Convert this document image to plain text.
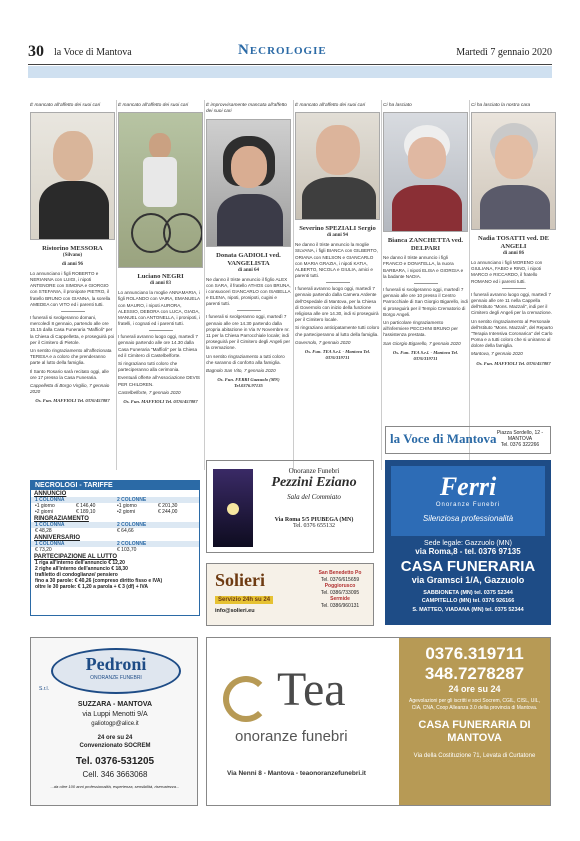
30 la Voce di Mantova	Necrologie	Martedì 7 gennaio 2020
È mancato all'affetto dei suoi cari
Ristorino MESSORA
(Silvano)
di anni 96

Lo annunciano i figli ROBERTO e NERIANNA con LUIGI, i nipoti ANTENORE con SIMONA e GIORGIO con STEFANIA, il pronipote PIETRO, il fratello BRUNO con GIANNA, la sorella AMEDEA con VITO ed i parenti tutti.

I funerali si svolgeranno domani, mercoledì 8 gennaio, partendo alle ore 15.15 dalla Casa Funeraria "Maffioli" per la Chiesa di Cappelletta, e proseguirà poi per il Cimitero di Pietole.

Un sentito ringraziamento all'affezionata TERESA e a coloro che prenderanno parte al lutto della famiglia.

Il Santo Rosario sarà recitato oggi, alle ore 17 presso la Casa Funeraria.

Cappelletta di Borgo Virgilio, 7 gennaio 2020

Os. Fun. MAFFIOLI Tel. 0376/457887
È mancato all'affetto dei suoi cari
Luciano NEGRI
di anni 83

Lo annunciano la moglie ANNAMARIA, i figli ROLANDO con VAIRA, EMANUELA con MAURO, i nipoti AURORA, ALESSIO, DEBORA con LUCA, GIADA, MANUEL con ANTONELLA, i pronipoti, i fratelli, i cognati ed i parenti tutti.

I funerali avranno luogo oggi, martedì 7 gennaio partendo alle ore 14.30 dalla Casa Funeraria "Maffioli" per la Chiesa ed il Cimitero di Castelbelforte.

Si ringraziano tutti coloro che parteciperanno alla cerimonia.

Eventuali offerte all'Associazione DEVIS PER CHILDREN.

Castelbelforte, 7 gennaio 2020

Os. Fun. MAFFIOLI Tel. 0376/457887
È improvvisamente mancata all'affetto dei suoi cari
Donata GADIOLI ved. VANGELISTA
di anni 64

Ne danno il triste annuncio il figlio ALEX con SARA, il fratello ATHOS con BRUNA, i consuoceri GIANCARLO con ISABELLA e ELENA, nipoti, pronipoti, cugini e parenti tutti.

I funerali si svolgeranno oggi, martedì 7 gennaio alle ore 14.30 partendo dalla propria abitazione in Via IV Novembre nr. 11 per la Chiesa Parrocchiale locale; indi proseguirà per il Cimitero degli Angeli per la cremazione.

Un sentito ringraziamento a tutti coloro che saranno di conforto alla famiglia.

Bagnolo San Vito, 7 gennaio 2020

Os. Fun. FERRI Gazzuolo (MN) Tel.0376.97135
È mancato all'affetto dei suoi cari
Severino SPEZIALI Sergio
di anni 94

Ne danno il triste annuncio la moglie SILVANA, i figli BIANCA con GILBERTO, ORIANA con NELSON e GIANCARLO con MARIA GRAZIA, i nipoti KATIA, ALBERTO, NICOLA e GIULIA, amici e parenti tutti.

I funerali avranno luogo oggi, martedì 7 gennaio partendo dalla Camera Ardente dell'Ospedale di Mantova, per la Chiesa di Governolo con inizio della funzione religiosa alle ore 14.30, indi si proseguirà per il Cimitero locale.

Si ringraziano anticipatamente tutti coloro che parteciperanno al lutto della famiglia.

Governolo, 7 gennaio 2020

Os. Fun. TEA S.r.l. - Mantova Tel. 0376/319711
Ci ha lasciato
Bianca ZANCHETTA ved. DELPARI

Ne danno il triste annuncio i figli FRANCO e DONATELLA, la nuora BARBARA, i nipoti ELISA e GIORGIA e la badante NADIA.

I funerali si svolgeranno oggi, martedì 7 gennaio alle ore 10 presso il Centro Parrocchiale di San Giorgio Bigarello, indi si proseguirà per il Tempio Crematorio di Borgo Angeli.

Un particolare ringraziamento all'infermiere PECCHINI BRUNO per l'assistenza prestata.

San Giorgio Bigarello, 7 gennaio 2020

Os. Fun. TEA S.r.l. - Mantova Tel. 0376/319711
Ci ha lasciato la nostra cara
Nadia TOSATTI ved. DE ANGELI
di anni 86

Lo annunciano i figli MORENO con GIULIANA, FABIO e RINO, i nipoti MARCO e RICCARDO, il fratello ROMANO ed i parenti tutti.

I funerali avranno luogo oggi, martedì 7 gennaio alle ore 11 nella Cappella dell'Istituto "Mons. Mazzali", indi per il Cimitero degli Angeli per la cremazione.

Un sentito ringraziamento al Personale dell'Istituto "Mons. Mazzali", del Reparto "Terapia Intensiva Coronarica" del Carlo Poma e a tutti coloro che si uniranno al dolore della famiglia.

Mantova, 7 gennaio 2020

Os. Fun. MAFFIOLI Tel. 0376/457887
NECROLOGI - TARIFFE
ANNUNCIO
1 COLONNA	2 COLONNE
•1 giorno	€ 146,40	•1 giorno	€ 201,30
•2 giorni	€ 189,10	•2 giorni	€ 244,00
RINGRAZIAMENTO
1 COLONNA	2 COLONNE
€ 48,28	€ 64,66
ANNIVERSARIO
1 COLONNA	2 COLONNE
€ 73,20	€ 103,70
PARTECIPAZIONE AL LUTTO
1 riga all'interno dell'annuncio € 12,20
2 righe all'interno dell'annuncio € 18,30
trafiletto di condoglianze/ pensiero
fino a 30 parole: € 40,26 (compreso diritto fisso e IVA)
oltre le 30 parole: € 1,20 a parola + € 3 (df) + IVA
la Voce di Mantova Piazza Sordello, 12 - MANTOVA
Tel. 0376 322266
Onoranze Funebri
Pezzini Eziano
Sala del Commiato
Via Roma 5/5 PIUBEGA (MN)
Tel. 0376 655132
Ferri
Onoranze Funebri
Silenziosa professionalità
Sede legale: Gazzuolo (MN)
via Roma,8 - tel. 0376 97135
CASA FUNERARIA
via Gramsci 1/A, Gazzuolo
SABBIONETA (MN) tel. 0375 52344
CAMPITELLO (MN) tel. 0376 926166
S. MATTEO, VIADANA (MN) tel. 0375 52344
Solieri
Servizio 24h su 24
info@solieri.eu
San Benedetto Po
Tel. 0376/615659
Poggiorusco
Tel. 0386/733095
Sermide
Tel. 0386/960131
Pedroni
ONORANZE FUNEBRI
S.r.l.
SUZZARA - MANTOVA
via Luppi Menotti 9/A
galiotogp@alice.it
24 ore su 24
Convenzionato SOCREM
Tel. 0376-531205
Cell. 346 3663068
...da oltre 100 anni professionalità, esperienza, sensibilità, riservatezza...
Tea
onoranze funebri
Via Nenni 8 - Mantova - teaonoranzefunebri.it
0376.319711
348.7278287
24 ore su 24
Agevolazioni per gli iscritti e soci Socrem, CGIL, CISL, UIL, CIA, CNA, Coop Alleanza 3.0 della provincia di Mantova.
CASA FUNERARIA DI MANTOVA
Via della Costituzione 71, Levata di Curtatone
